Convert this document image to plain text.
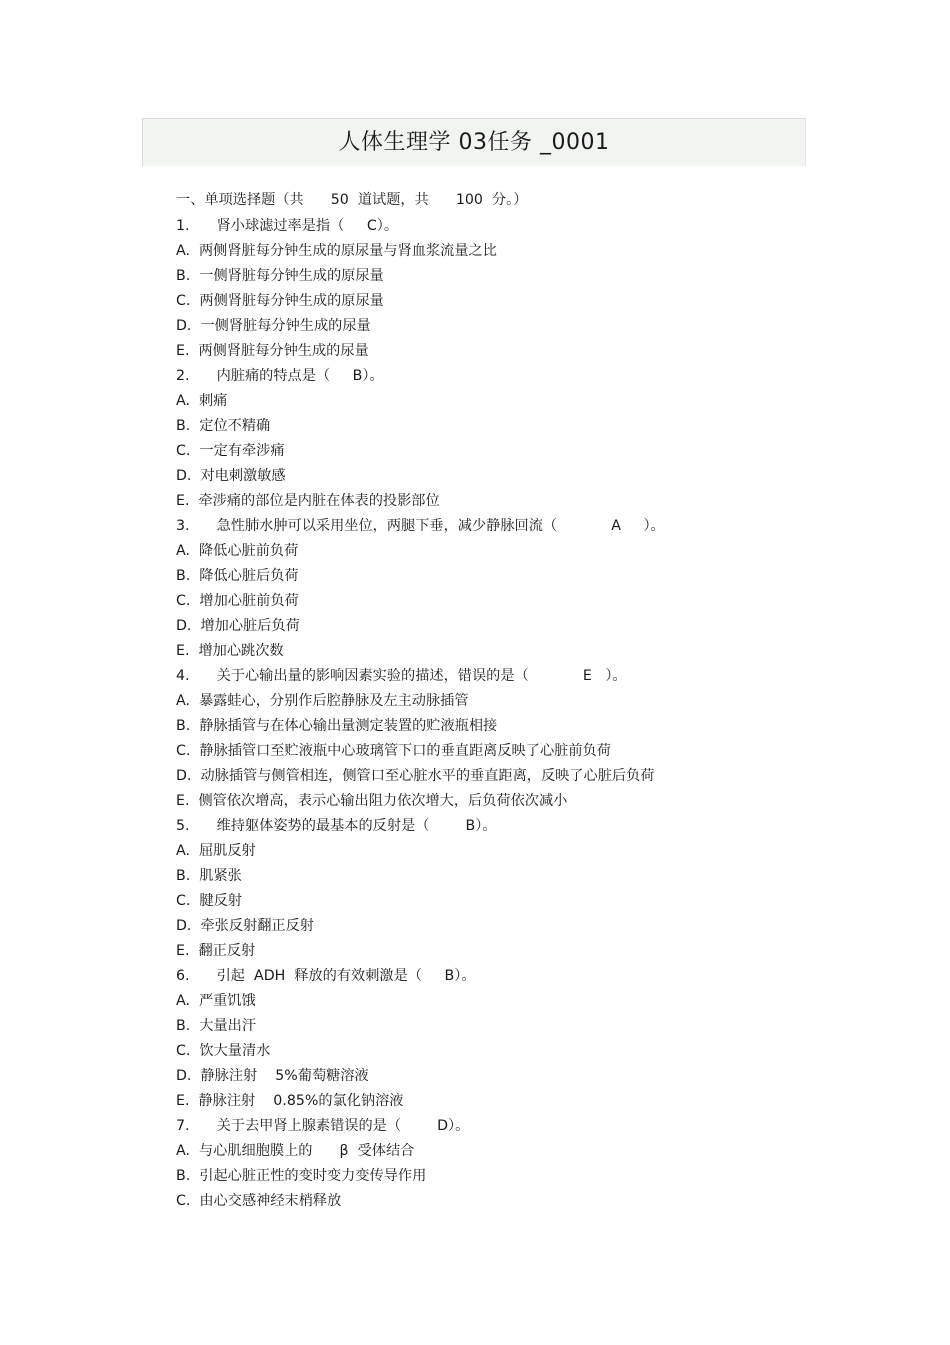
人体生理学 03任务 _0001
一、单项选择题（共      50  道试题，共      100  分。）
1.      肾小球滤过率是指（     C）。
A.  两侧肾脏每分钟生成的原尿量与肾血浆流量之比
B.  一侧肾脏每分钟生成的原尿量
C.  两侧肾脏每分钟生成的原尿量
D.  一侧肾脏每分钟生成的尿量
E.  两侧肾脏每分钟生成的尿量
2.      内脏痛的特点是（     B）。
A.  刺痛
B.  定位不精确
C.  一定有牵涉痛
D.  对电刺激敏感
E.  牵涉痛的部位是内脏在体表的投影部位
3.      急性肺水肿可以采用坐位，两腿下垂，减少静脉回流（            A     ）。
A.  降低心脏前负荷
B.  降低心脏后负荷
C.  增加心脏前负荷
D.  增加心脏后负荷
E.  增加心跳次数
4.      关于心输出量的影响因素实验的描述，错误的是（            E   ）。
A.  暴露蛙心，分别作后腔静脉及左主动脉插管
B.  静脉插管与在体心输出量测定装置的贮液瓶相接
C.  静脉插管口至贮液瓶中心玻璃管下口的垂直距离反映了心脏前负荷
D.  动脉插管与侧管相连，侧管口至心脏水平的垂直距离，反映了心脏后负荷
E.  侧管依次增高，表示心输出阻力依次增大，后负荷依次减小
5.      维持躯体姿势的最基本的反射是（        B）。
A.  屈肌反射
B.  肌紧张
C.  腱反射
D.  牵张反射翻正反射
E.  翻正反射
6.      引起  ADH  释放的有效刺激是（     B）。
A.  严重饥饿
B.  大量出汗
C.  饮大量清水
D.  静脉注射    5%葡萄糖溶液
E.  静脉注射    0.85%的氯化钠溶液
7.      关于去甲肾上腺素错误的是（        D）。
A.  与心肌细胞膜上的      β  受体结合
B.  引起心脏正性的变时变力变传导作用
C.  由心交感神经末梢释放
